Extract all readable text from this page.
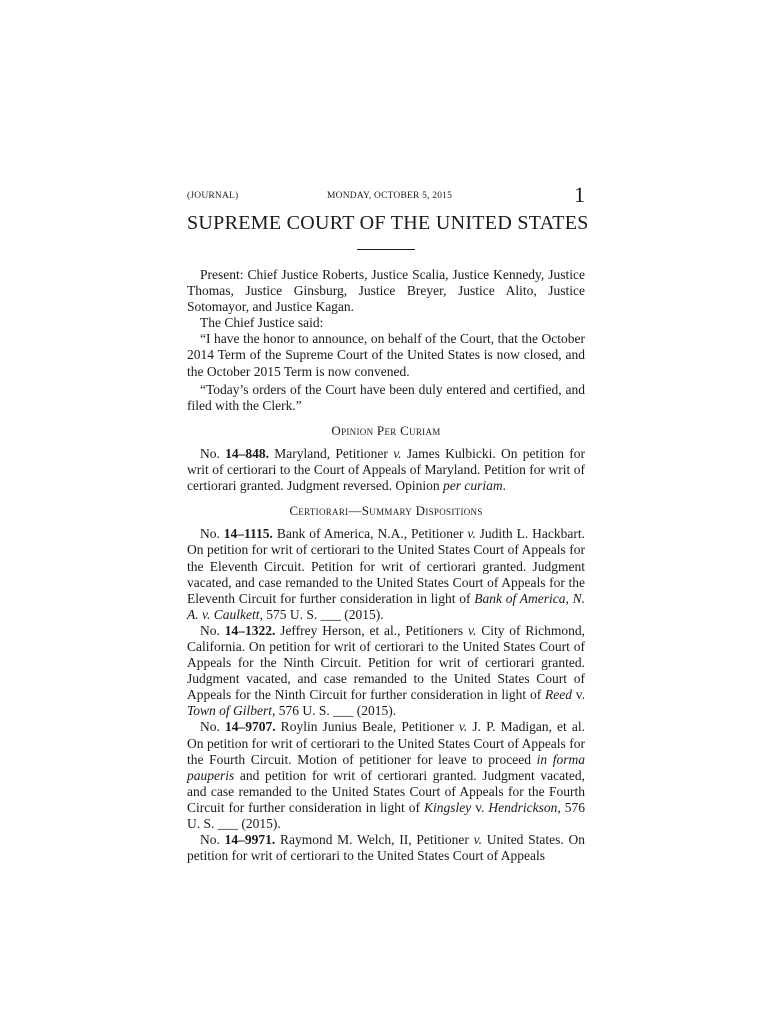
(JOURNAL)	MONDAY, OCTOBER 5, 2015	1
SUPREME COURT OF THE UNITED STATES

Present: Chief Justice Roberts, Justice Scalia, Justice Kennedy, Justice Thomas, Justice Ginsburg, Justice Breyer, Justice Alito, Justice Sotomayor, and Justice Kagan.

The Chief Justice said:

“I have the honor to announce, on behalf of the Court, that the October 2014 Term of the Supreme Court of the United States is now closed, and the October 2015 Term is now convened.

“Today’s orders of the Court have been duly entered and certified, and filed with the Clerk.”

Opinion Per Curiam

No. 14–848. Maryland, Petitioner v. James Kulbicki. On petition for writ of certiorari to the Court of Appeals of Maryland. Petition for writ of certiorari granted. Judgment reversed. Opinion per curiam.

Certiorari—Summary Dispositions

No. 14–1115. Bank of America, N.A., Petitioner v. Judith L. Hackbart. On petition for writ of certiorari to the United States Court of Appeals for the Eleventh Circuit. Petition for writ of certiorari granted. Judgment vacated, and case remanded to the United States Court of Appeals for the Eleventh Circuit for further consideration in light of Bank of America, N. A. v. Caulkett, 575 U. S. ___ (2015).

No. 14–1322. Jeffrey Herson, et al., Petitioners v. City of Richmond, California. On petition for writ of certiorari to the United States Court of Appeals for the Ninth Circuit. Petition for writ of certiorari granted. Judgment vacated, and case remanded to the United States Court of Appeals for the Ninth Circuit for further consideration in light of Reed v. Town of Gilbert, 576 U. S. ___ (2015).

No. 14–9707. Roylin Junius Beale, Petitioner v. J. P. Madigan, et al. On petition for writ of certiorari to the United States Court of Appeals for the Fourth Circuit. Motion of petitioner for leave to proceed in forma pauperis and petition for writ of certiorari granted. Judgment vacated, and case remanded to the United States Court of Appeals for the Fourth Circuit for further consideration in light of Kingsley v. Hendrickson, 576 U. S. ___ (2015).

No. 14–9971. Raymond M. Welch, II, Petitioner v. United States. On petition for writ of certiorari to the United States Court of Appeals
